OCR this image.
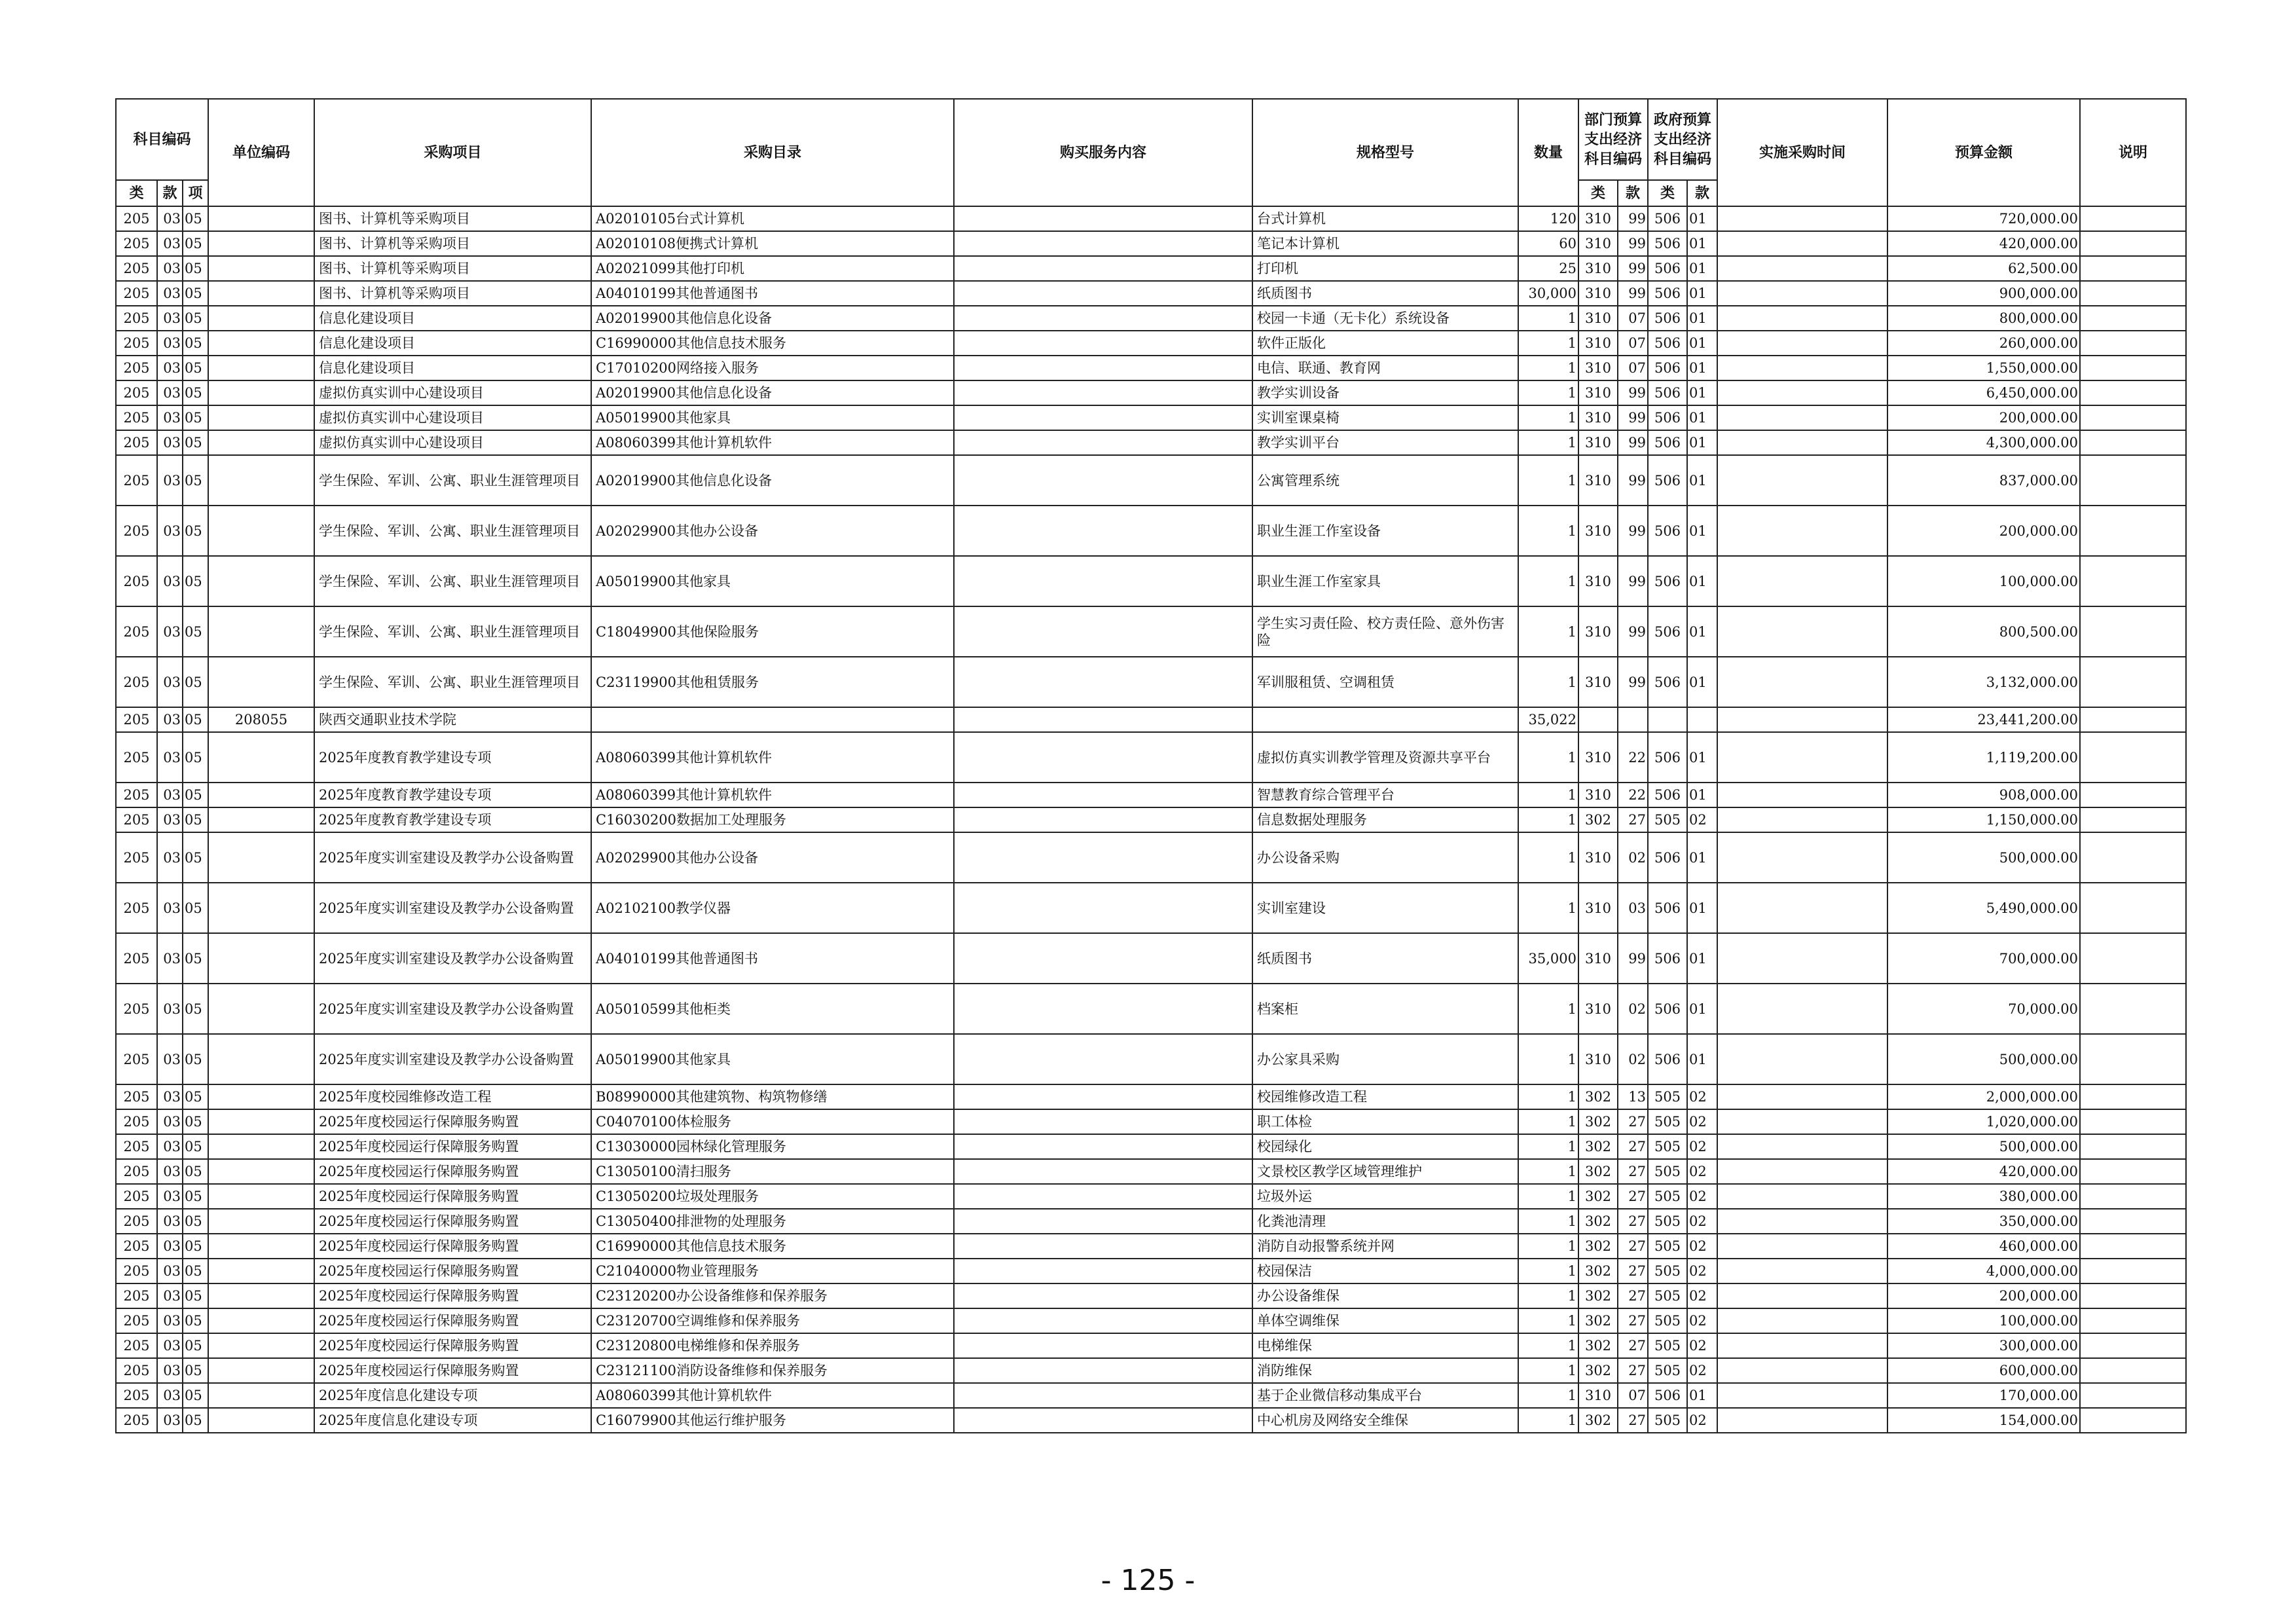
科目编码			单位编码	采购项目	采购目录	购买服务内容	规格型号	数量	部门预算支出经济科目编码		政府预算支出经济科目编码		实施采购时间	预算金额	说明
类	款	项							类	款	类	款			
205	03	05		图书、计算机等采购项目	A02010105台式计算机		台式计算机	120	310	99	506	01		720,000.00	
205	03	05		图书、计算机等采购项目	A02010108便携式计算机		笔记本计算机	60	310	99	506	01		420,000.00	
205	03	05		图书、计算机等采购项目	A02021099其他打印机		打印机	25	310	99	506	01		62,500.00	
205	03	05		图书、计算机等采购项目	A04010199其他普通图书		纸质图书	30,000	310	99	506	01		900,000.00	
205	03	05		信息化建设项目	A02019900其他信息化设备		校园一卡通（无卡化）系统设备	1	310	07	506	01		800,000.00	
205	03	05		信息化建设项目	C16990000其他信息技术服务		软件正版化	1	310	07	506	01		260,000.00	
205	03	05		信息化建设项目	C17010200网络接入服务		电信、联通、教育网	1	310	07	506	01		1,550,000.00	
205	03	05		虚拟仿真实训中心建设项目	A02019900其他信息化设备		教学实训设备	1	310	99	506	01		6,450,000.00	
205	03	05		虚拟仿真实训中心建设项目	A05019900其他家具		实训室课桌椅	1	310	99	506	01		200,000.00	
205	03	05		虚拟仿真实训中心建设项目	A08060399其他计算机软件		教学实训平台	1	310	99	506	01		4,300,000.00	
205	03	05		学生保险、军训、公寓、职业生涯管理项目	A02019900其他信息化设备		公寓管理系统	1	310	99	506	01		837,000.00	
205	03	05		学生保险、军训、公寓、职业生涯管理项目	A02029900其他办公设备		职业生涯工作室设备	1	310	99	506	01		200,000.00	
205	03	05		学生保险、军训、公寓、职业生涯管理项目	A05019900其他家具		职业生涯工作室家具	1	310	99	506	01		100,000.00	
205	03	05		学生保险、军训、公寓、职业生涯管理项目	C18049900其他保险服务		学生实习责任险、校方责任险、意外伤害险	1	310	99	506	01		800,500.00	
205	03	05		学生保险、军训、公寓、职业生涯管理项目	C23119900其他租赁服务		军训服租赁、空调租赁	1	310	99	506	01		3,132,000.00	
205	03	05	208055	陕西交通职业技术学院				35,022						23,441,200.00	
205	03	05		2025年度教育教学建设专项	A08060399其他计算机软件		虚拟仿真实训教学管理及资源共享平台	1	310	22	506	01		1,119,200.00	
205	03	05		2025年度教育教学建设专项	A08060399其他计算机软件		智慧教育综合管理平台	1	310	22	506	01		908,000.00	
205	03	05		2025年度教育教学建设专项	C16030200数据加工处理服务		信息数据处理服务	1	302	27	505	02		1,150,000.00	
205	03	05		2025年度实训室建设及教学办公设备购置	A02029900其他办公设备		办公设备采购	1	310	02	506	01		500,000.00	
205	03	05		2025年度实训室建设及教学办公设备购置	A02102100教学仪器		实训室建设	1	310	03	506	01		5,490,000.00	
205	03	05		2025年度实训室建设及教学办公设备购置	A04010199其他普通图书		纸质图书	35,000	310	99	506	01		700,000.00	
205	03	05		2025年度实训室建设及教学办公设备购置	A05010599其他柜类		档案柜	1	310	02	506	01		70,000.00	
205	03	05		2025年度实训室建设及教学办公设备购置	A05019900其他家具		办公家具采购	1	310	02	506	01		500,000.00	
205	03	05		2025年度校园维修改造工程	B08990000其他建筑物、构筑物修缮		校园维修改造工程	1	302	13	505	02		2,000,000.00	
205	03	05		2025年度校园运行保障服务购置	C04070100体检服务		职工体检	1	302	27	505	02		1,020,000.00	
205	03	05		2025年度校园运行保障服务购置	C13030000园林绿化管理服务		校园绿化	1	302	27	505	02		500,000.00	
205	03	05		2025年度校园运行保障服务购置	C13050100清扫服务		文景校区教学区域管理维护	1	302	27	505	02		420,000.00	
205	03	05		2025年度校园运行保障服务购置	C13050200垃圾处理服务		垃圾外运	1	302	27	505	02		380,000.00	
205	03	05		2025年度校园运行保障服务购置	C13050400排泄物的处理服务		化粪池清理	1	302	27	505	02		350,000.00	
205	03	05		2025年度校园运行保障服务购置	C16990000其他信息技术服务		消防自动报警系统并网	1	302	27	505	02		460,000.00	
205	03	05		2025年度校园运行保障服务购置	C21040000物业管理服务		校园保洁	1	302	27	505	02		4,000,000.00	
205	03	05		2025年度校园运行保障服务购置	C23120200办公设备维修和保养服务		办公设备维保	1	302	27	505	02		200,000.00	
205	03	05		2025年度校园运行保障服务购置	C23120700空调维修和保养服务		单体空调维保	1	302	27	505	02		100,000.00	
205	03	05		2025年度校园运行保障服务购置	C23120800电梯维修和保养服务		电梯维保	1	302	27	505	02		300,000.00	
205	03	05		2025年度校园运行保障服务购置	C23121100消防设备维修和保养服务		消防维保	1	302	27	505	02		600,000.00	
205	03	05		2025年度信息化建设专项	A08060399其他计算机软件		基于企业微信移动集成平台	1	310	07	506	01		170,000.00	
205	03	05		2025年度信息化建设专项	C16079900其他运行维护服务		中心机房及网络安全维保	1	302	27	505	02		154,000.00	
- 125 -
